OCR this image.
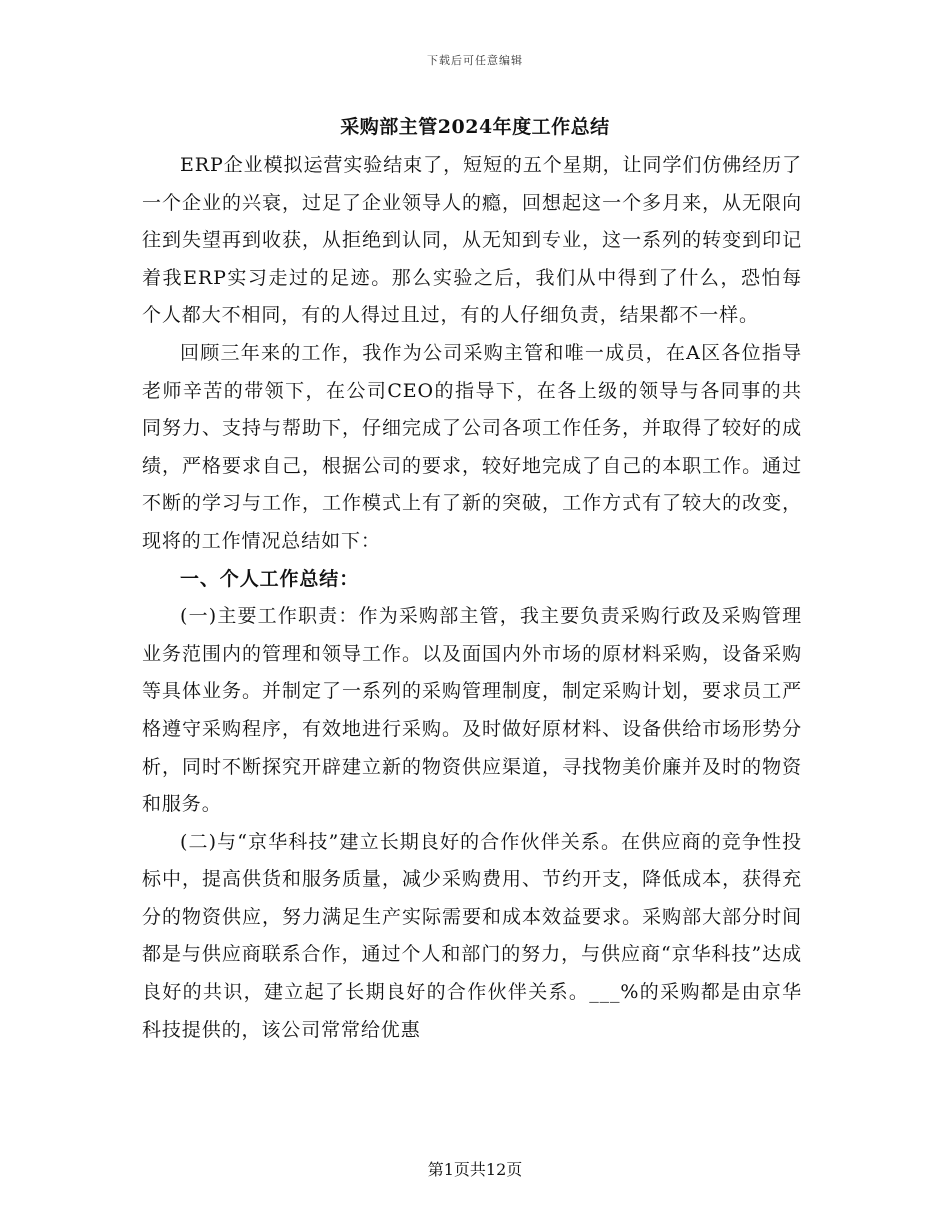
下载后可任意编辑
采购部主管2024年度工作总结

ERP企业模拟运营实验结束了，短短的五个星期，让同学们仿佛经历了一个企业的兴衰，过足了企业领导人的瘾，回想起这一个多月来，从无限向往到失望再到收获，从拒绝到认同，从无知到专业，这一系列的转变到印记着我ERP实习走过的足迹。那么实验之后，我们从中得到了什么，恐怕每个人都大不相同，有的人得过且过，有的人仔细负责，结果都不一样。

回顾三年来的工作，我作为公司采购主管和唯一成员，在A区各位指导老师辛苦的带领下，在公司CEO的指导下，在各上级的领导与各同事的共同努力、支持与帮助下，仔细完成了公司各项工作任务，并取得了较好的成绩，严格要求自己，根据公司的要求，较好地完成了自己的本职工作。通过不断的学习与工作，工作模式上有了新的突破，工作方式有了较大的改变，现将的工作情况总结如下：

一、个人工作总结：

(一)主要工作职责：作为采购部主管，我主要负责采购行政及采购管理业务范围内的管理和领导工作。以及面国内外市场的原材料采购，设备采购等具体业务。并制定了一系列的采购管理制度，制定采购计划，要求员工严格遵守采购程序，有效地进行采购。及时做好原材料、设备供给市场形势分析，同时不断探究开辟建立新的物资供应渠道，寻找物美价廉并及时的物资和服务。

(二)与“京华科技”建立长期良好的合作伙伴关系。在供应商的竞争性投标中，提高供货和服务质量，减少采购费用、节约开支，降低成本，获得充分的物资供应，努力满足生产实际需要和成本效益要求。采购部大部分时间都是与供应商联系合作，通过个人和部门的努力，与供应商“京华科技”达成良好的共识，建立起了长期良好的合作伙伴关系。___%的采购都是由京华科技提供的，该公司常常给优惠

第1页共12页
